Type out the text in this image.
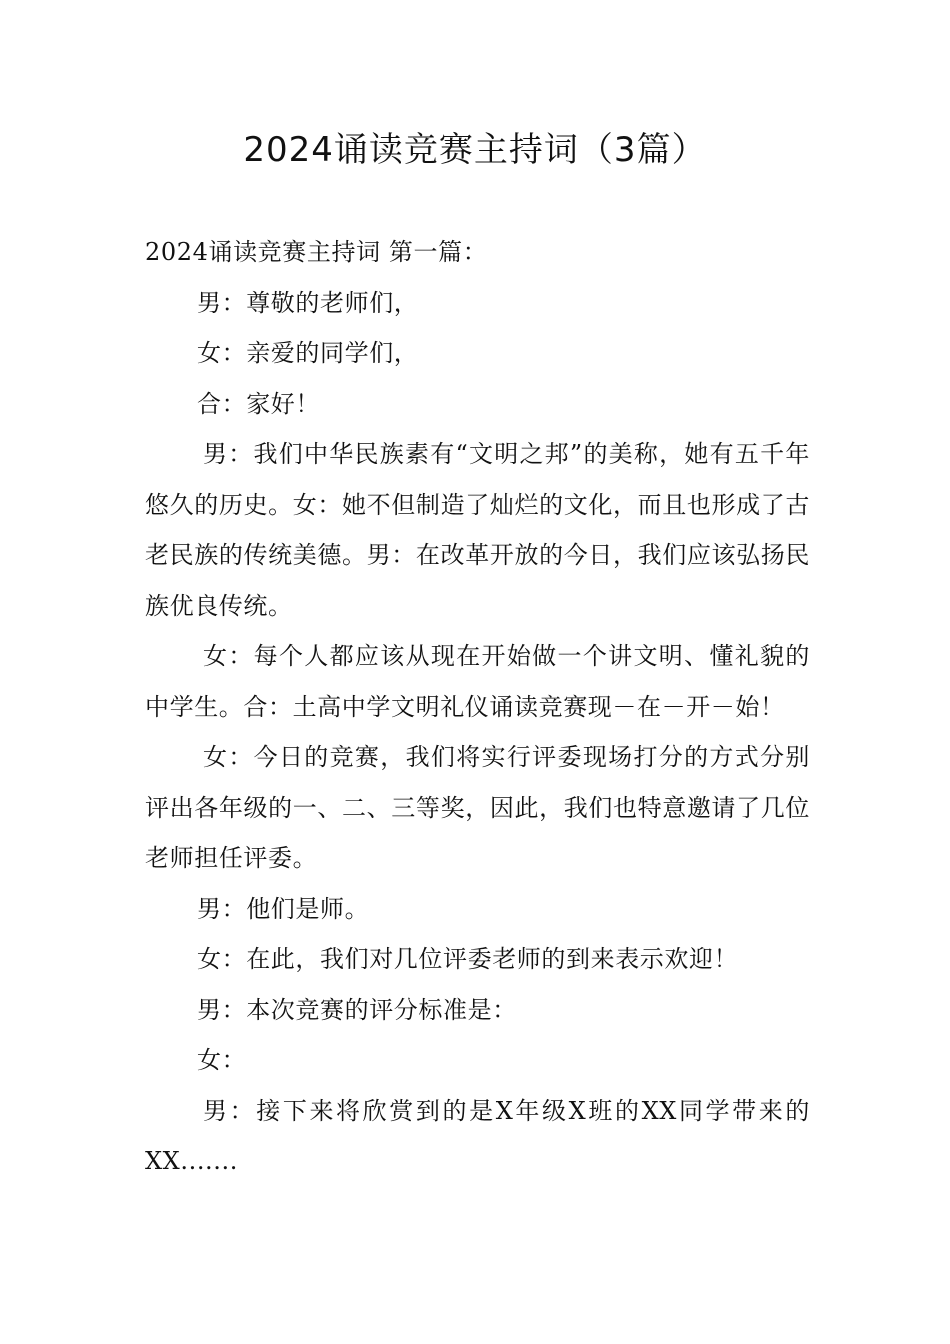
2024诵读竞赛主持词（3篇）

2024诵读竞赛主持词 第一篇：

男：尊敬的老师们，

女：亲爱的同学们，

合：家好！

男：我们中华民族素有“文明之邦”的美称，她有五千年悠久的历史。女：她不但制造了灿烂的文化，而且也形成了古老民族的传统美德。男：在改革开放的今日，我们应该弘扬民族优良传统。

女：每个人都应该从现在开始做一个讲文明、懂礼貌的中学生。合：土高中学文明礼仪诵读竞赛现－在－开－始！

女：今日的竞赛，我们将实行评委现场打分的方式分别评出各年级的一、二、三等奖，因此，我们也特意邀请了几位老师担任评委。

男：他们是师。

女：在此，我们对几位评委老师的到来表示欢迎！

男：本次竞赛的评分标准是：

女：

男：接下来将欣赏到的是X年级X班的XX同学带来的XX.......
